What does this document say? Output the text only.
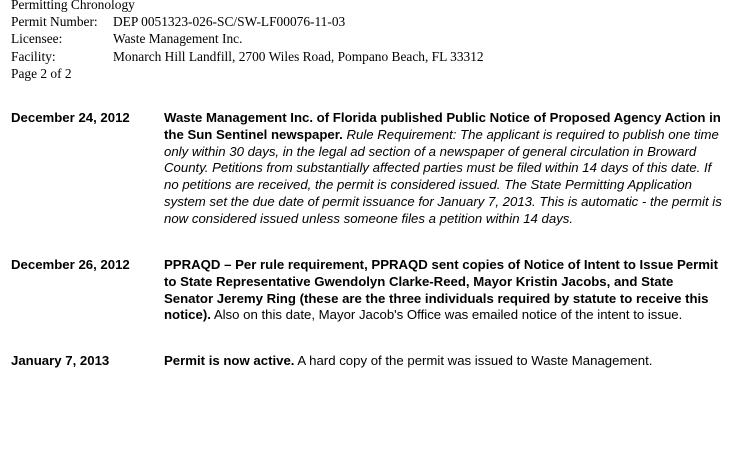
Permitting Chronology
Permit Number: DEP 0051323-026-SC/SW-LF00076-11-03
Licensee:	Waste Management Inc.
Facility:	Monarch Hill Landfill, 2700 Wiles Road, Pompano Beach, FL 33312
Page 2 of 2
December 24, 2012	Waste Management Inc. of Florida published Public Notice of Proposed Agency Action in the Sun Sentinel newspaper. Rule Requirement: The applicant is required to publish one time only within 30 days, in the legal ad section of a newspaper of general circulation in Broward County. Petitions from substantially affected parties must be filed within 14 days of this date. If no petitions are received, the permit is considered issued. The State Permitting Application system set the due date of permit issuance for January 7, 2013. This is automatic - the permit is now considered issued unless someone files a petition within 14 days.
December 26, 2012	PPRAQD – Per rule requirement, PPRAQD sent copies of Notice of Intent to Issue Permit to State Representative Gwendolyn Clarke-Reed, Mayor Kristin Jacobs, and State Senator Jeremy Ring (these are the three individuals required by statute to receive this notice). Also on this date, Mayor Jacob's Office was emailed notice of the intent to issue.
January 7, 2013	Permit is now active. A hard copy of the permit was issued to Waste Management.
